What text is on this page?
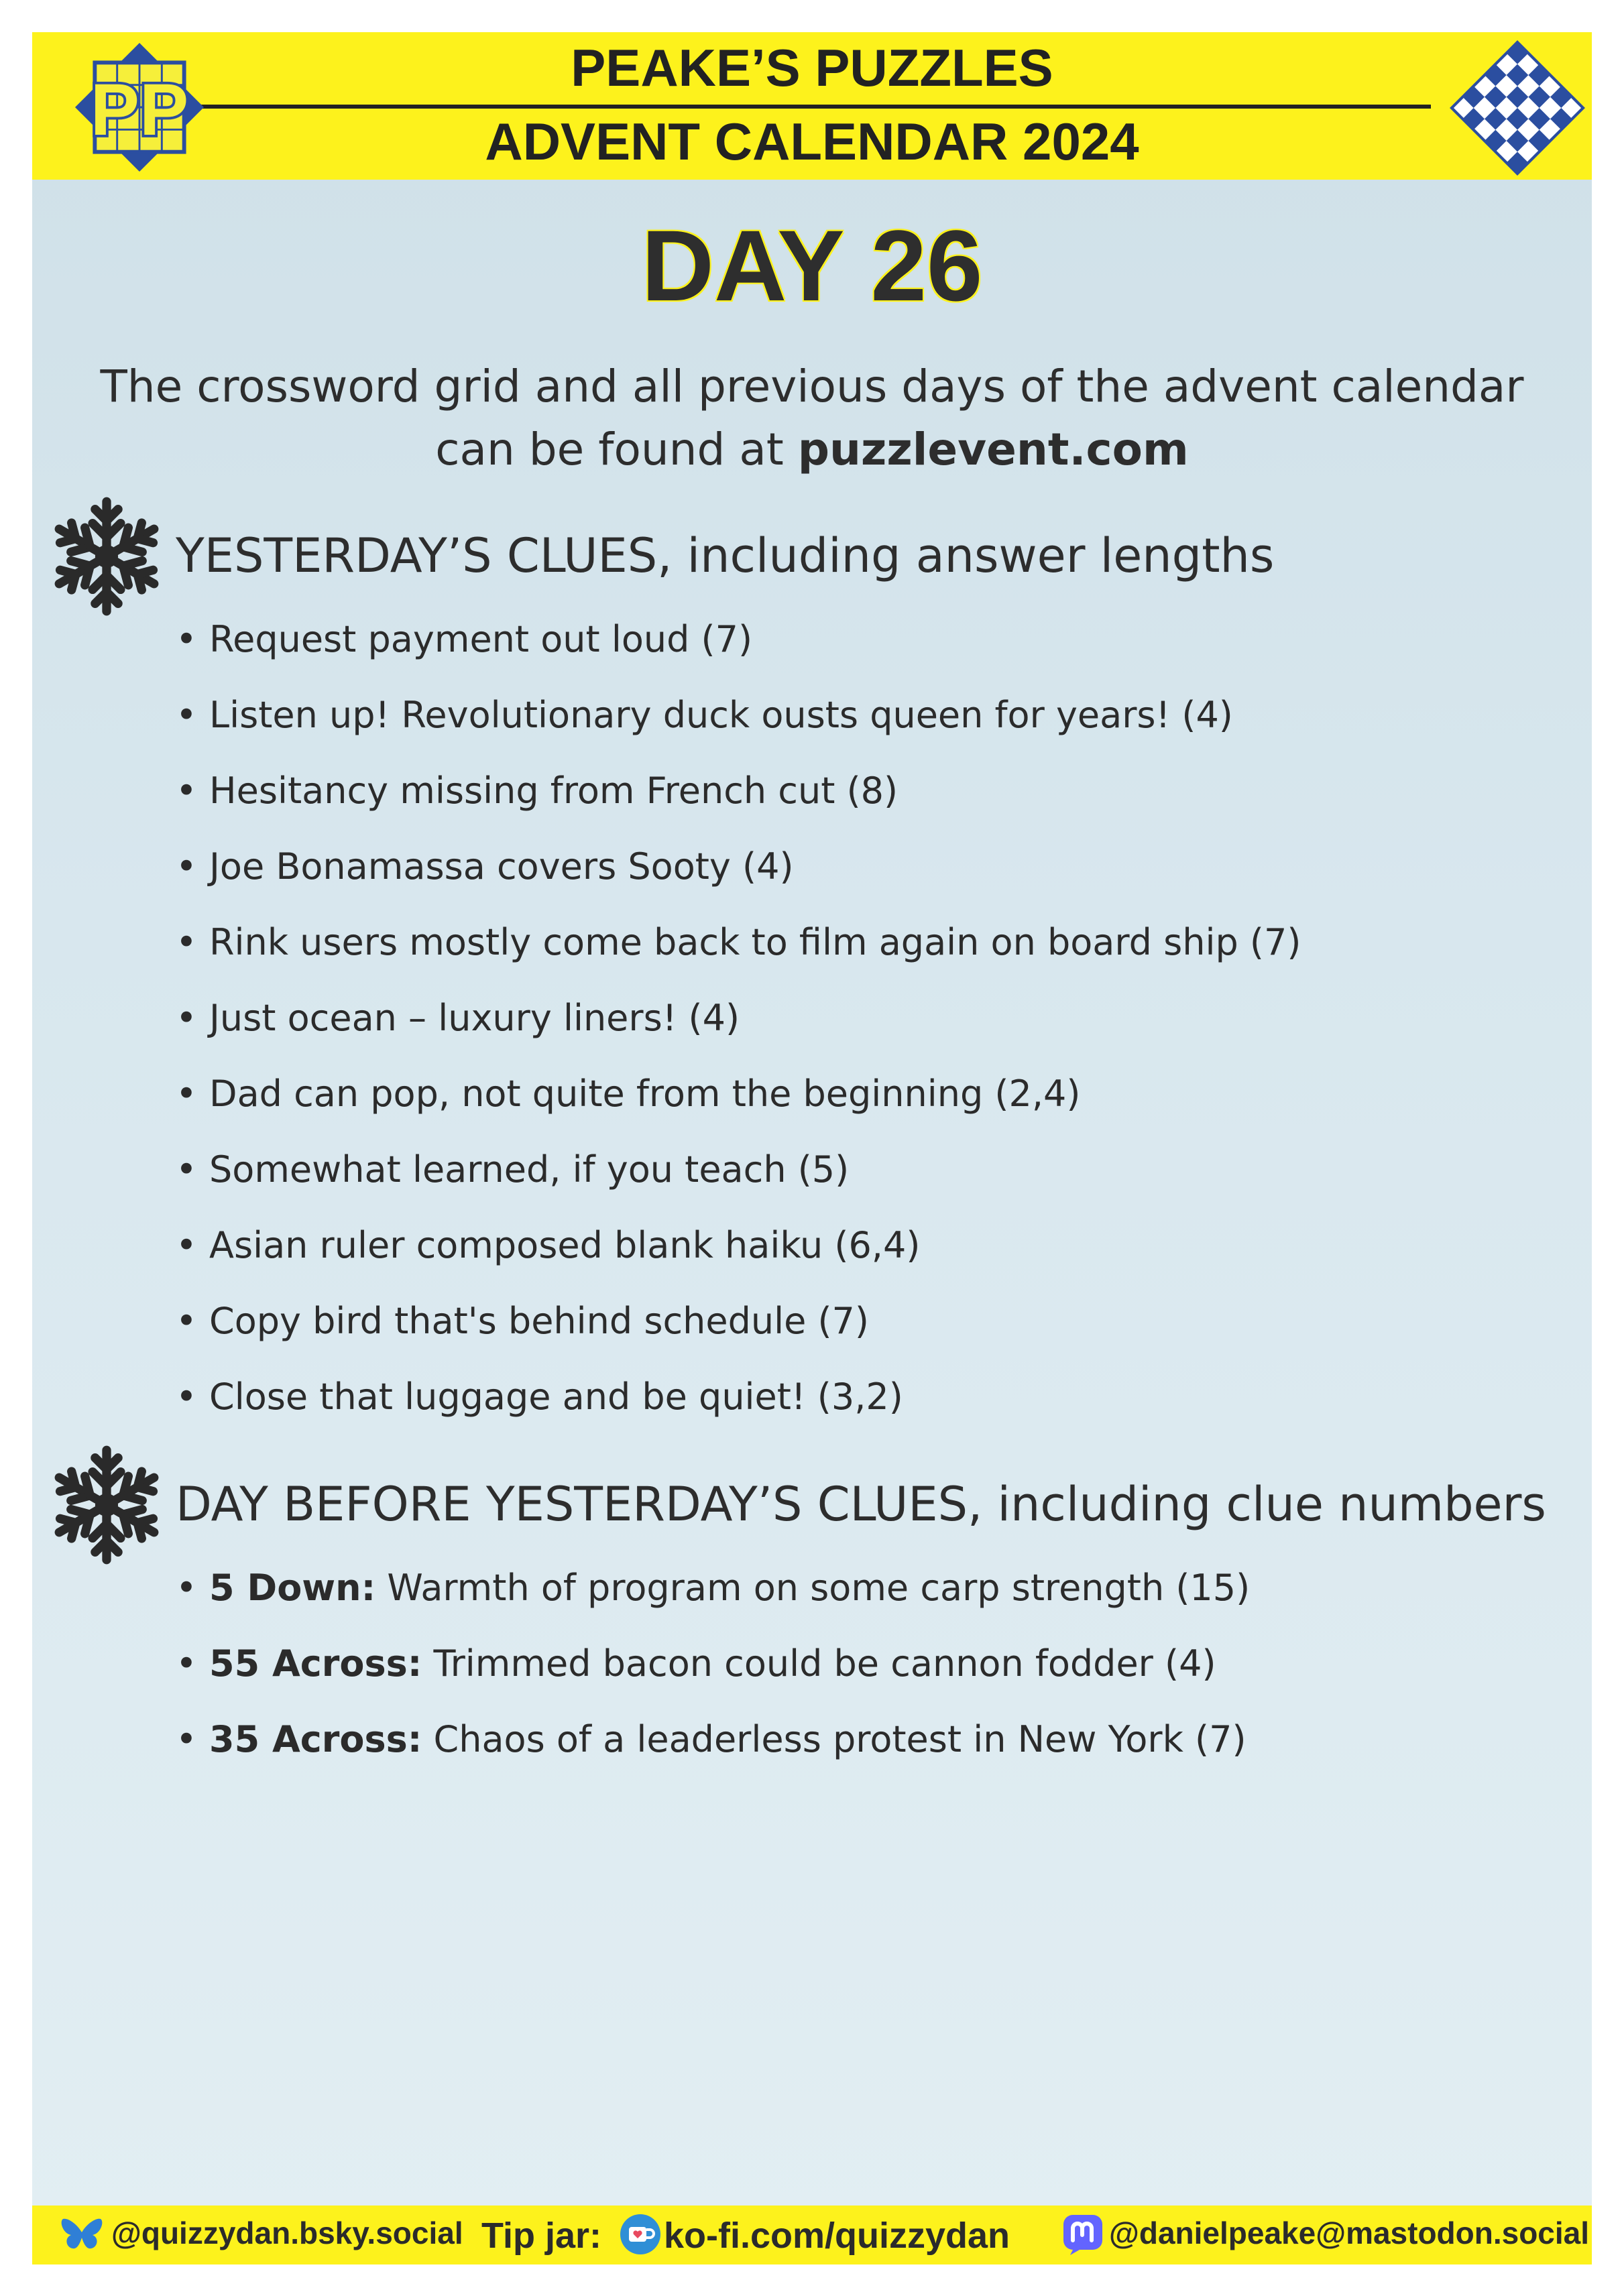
PEAKE’S PUZZLES
ADVENT CALENDAR 2024
PP
DAY 26
The crossword grid and all previous days of the advent calendar
can be found at puzzlevent.com
YESTERDAY’S CLUES, including answer lengths
• Request payment out loud (7)
• Listen up! Revolutionary duck ousts queen for years! (4)
• Hesitancy missing from French cut (8)
• Joe Bonamassa covers Sooty (4)
• Rink users mostly come back to film again on board ship (7)
• Just ocean – luxury liners! (4)
• Dad can pop, not quite from the beginning (2,4)
• Somewhat learned, if you teach (5)
• Asian ruler composed blank haiku (6,4)
• Copy bird that's behind schedule (7)
• Close that luggage and be quiet! (3,2)
DAY BEFORE YESTERDAY’S CLUES, including clue numbers
• 5 Down: Warmth of program on some carp strength (15)
• 55 Across: Trimmed bacon could be cannon fodder (4)
• 35 Across: Chaos of a leaderless protest in New York (7)
@quizzydan.bsky.social Tip jar: ko-fi.com/quizzydan	@danielpeake@mastodon.social
